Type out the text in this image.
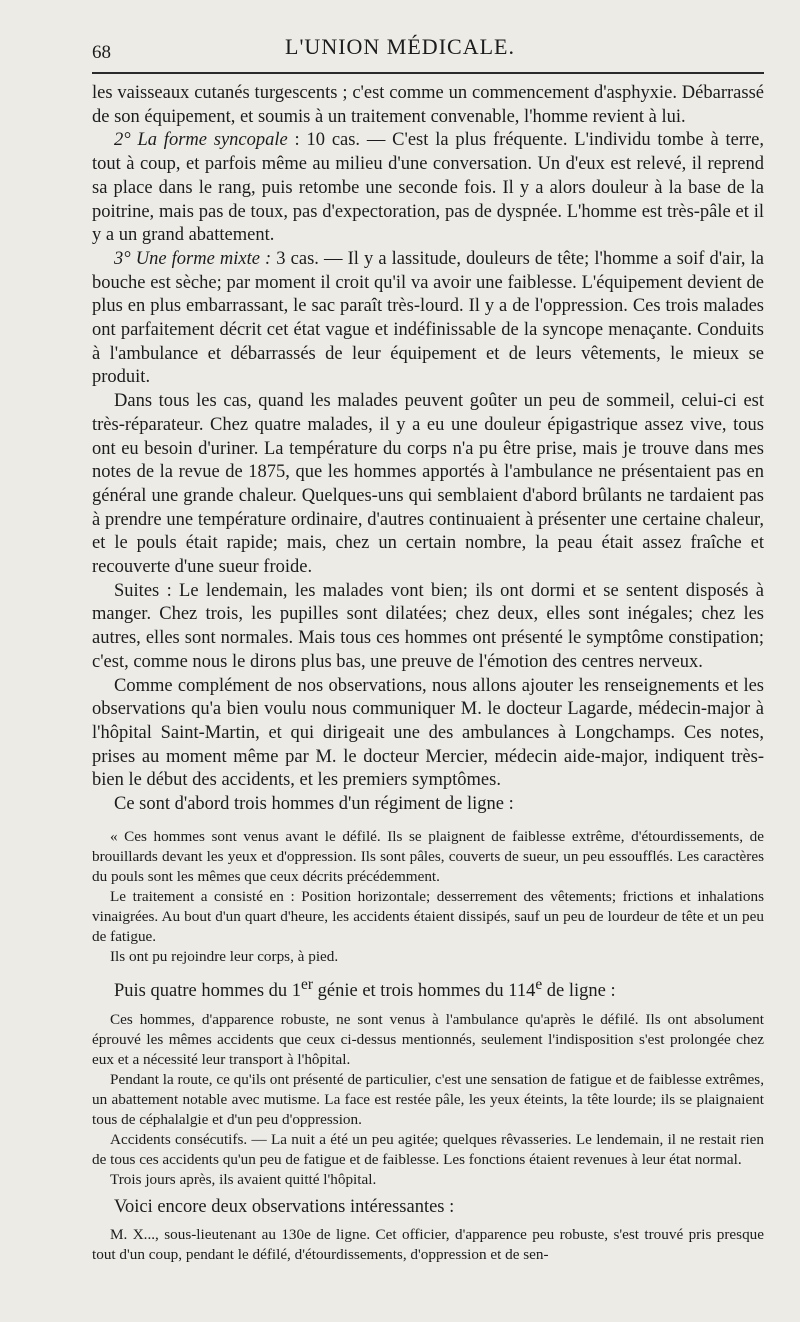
68	L'UNION MÉDICALE.

les vaisseaux cutanés turgescents ; c'est comme un commencement d'asphyxie. Débarrassé de son équipement, et soumis à un traitement convenable, l'homme revient à lui.

2° La forme syncopale : 10 cas. — C'est la plus fréquente. L'individu tombe à terre, tout à coup, et parfois même au milieu d'une conversation. Un d'eux est relevé, il reprend sa place dans le rang, puis retombe une seconde fois. Il y a alors douleur à la base de la poitrine, mais pas de toux, pas d'expectoration, pas de dyspnée. L'homme est très-pâle et il y a un grand abattement.

3° Une forme mixte : 3 cas. — Il y a lassitude, douleurs de tête; l'homme a soif d'air, la bouche est sèche; par moment il croit qu'il va avoir une faiblesse. L'équipement devient de plus en plus embarrassant, le sac paraît très-lourd. Il y a de l'oppression. Ces trois malades ont parfaitement décrit cet état vague et indéfinissable de la syncope menaçante. Conduits à l'ambulance et débarrassés de leur équipement et de leurs vêtements, le mieux se produit.

Dans tous les cas, quand les malades peuvent goûter un peu de sommeil, celui-ci est très-réparateur. Chez quatre malades, il y a eu une douleur épigastrique assez vive, tous ont eu besoin d'uriner. La température du corps n'a pu être prise, mais je trouve dans mes notes de la revue de 1875, que les hommes apportés à l'ambulance ne présentaient pas en général une grande chaleur. Quelques-uns qui semblaient d'abord brûlants ne tardaient pas à prendre une température ordinaire, d'autres continuaient à présenter une certaine chaleur, et le pouls était rapide; mais, chez un certain nombre, la peau était assez fraîche et recouverte d'une sueur froide.

Suites : Le lendemain, les malades vont bien; ils ont dormi et se sentent disposés à manger. Chez trois, les pupilles sont dilatées; chez deux, elles sont inégales; chez les autres, elles sont normales. Mais tous ces hommes ont présenté le symptôme constipation; c'est, comme nous le dirons plus bas, une preuve de l'émotion des centres nerveux.

Comme complément de nos observations, nous allons ajouter les renseignements et les observations qu'a bien voulu nous communiquer M. le docteur Lagarde, médecin-major à l'hôpital Saint-Martin, et qui dirigeait une des ambulances à Longchamps. Ces notes, prises au moment même par M. le docteur Mercier, médecin aide-major, indiquent très-bien le début des accidents, et les premiers symptômes.

Ce sont d'abord trois hommes d'un régiment de ligne :

« Ces hommes sont venus avant le défilé. Ils se plaignent de faiblesse extrême, d'étourdissements, de brouillards devant les yeux et d'oppression. Ils sont pâles, couverts de sueur, un peu essoufflés. Les caractères du pouls sont les mêmes que ceux décrits précédemment.

Le traitement a consisté en : Position horizontale; desserrement des vêtements; frictions et inhalations vinaigrées. Au bout d'un quart d'heure, les accidents étaient dissipés, sauf un peu de lourdeur de tête et un peu de fatigue.

Ils ont pu rejoindre leur corps, à pied.

Puis quatre hommes du 1er génie et trois hommes du 114e de ligne :

Ces hommes, d'apparence robuste, ne sont venus à l'ambulance qu'après le défilé. Ils ont absolument éprouvé les mêmes accidents que ceux ci-dessus mentionnés, seulement l'indisposition s'est prolongée chez eux et a nécessité leur transport à l'hôpital.

Pendant la route, ce qu'ils ont présenté de particulier, c'est une sensation de fatigue et de faiblesse extrêmes, un abattement notable avec mutisme. La face est restée pâle, les yeux éteints, la tête lourde; ils se plaignaient tous de céphalalgie et d'un peu d'oppression.

Accidents consécutifs. — La nuit a été un peu agitée; quelques rêvasseries. Le lendemain, il ne restait rien de tous ces accidents qu'un peu de fatigue et de faiblesse. Les fonctions étaient revenues à leur état normal.

Trois jours après, ils avaient quitté l'hôpital.

Voici encore deux observations intéressantes :

M. X..., sous-lieutenant au 130e de ligne. Cet officier, d'apparence peu robuste, s'est trouvé pris presque tout d'un coup, pendant le défilé, d'étourdissements, d'oppression et de sen-
